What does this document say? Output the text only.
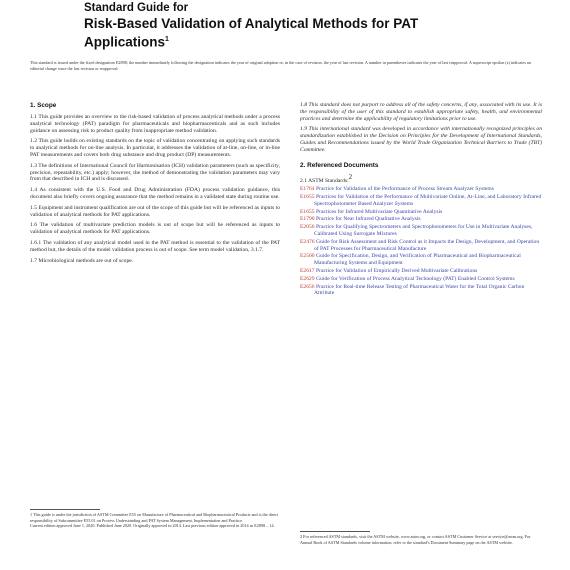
Standard Guide for
Risk-Based Validation of Analytical Methods for PAT
Applications$^1$
This standard is issued under the fixed designation E2898; the number immediately following the designation indicates the year of original adoption or, in the case of revision, the year of last revision. A number in parentheses indicates the year of last reapproval. A superscript epsilon (ε) indicates an editorial change since the last revision or reapproval.
1. Scope

1.1 This guide provides an overview to the risk-based validation of process analytical methods under a process analytical technology (PAT) paradigm for pharmaceuticals and biopharmaceuticals and as such includes guidance on assessing risk to product quality from inappropriate method validation.

1.2 This guide builds on existing standards on the topic of validation concentrating on applying such standards to analytical methods for on-line analysis. In particular, it addresses the validation of at-line, on-line, or in-line PAT measurements and covers both drug substance and drug product (DP) measurements.

1.3 The definitions of International Council for Harmonisation (ICH) validation parameters (such as specificity, precision, repeatability, etc.) apply; however, the method of demonstrating the validation parameters may vary from that described in ICH and is discussed.

1.4 As consistent with the U.S. Food and Drug Administration (FDA) process validation guidance, this document also briefly covers ongoing assurance that the method remains in a validated state during routine use.

1.5 Equipment and instrument qualification are out of the scope of this guide but will be referenced as inputs to validation of analytical methods for PAT applications.

1.6 The validation of multivariate prediction models is out of scope but will be referenced as inputs to validation of analytical methods for PAT applications.

1.6.1 The validation of any analytical model used in the PAT method is essential to the validation of the PAT method but, the details of the model validation process is out of scope. See term model validation, 3.1.7.

1.7 Microbiological methods are out of scope.

1.8 This standard does not purport to address all of the safety concerns, if any, associated with its use. It is the responsibility of the user of this standard to establish appropriate safety, health, and environmental practices and determine the applicability of regulatory limitations prior to use.

1.9 This international standard was developed in accordance with internationally recognized principles on standardization established in the Decision on Principles for the Development of International Standards, Guides and Recommendations issued by the World Trade Organization Technical Barriers to Trade (TBT) Committee.

2. Referenced Documents
2.1 ASTM Standards:$^2$
E1764 Practice for Validation of the Performance of Process Stream Analyzer Systems
E1655 Practices for Validation of the Performance of Multivariate Online, At-Line, and Laboratory Infrared Spectrophotometer Based Analyzer Systems
E1655 Practices for Infrared Multivariate Quantitative Analysis
E1790 Practice for Near Infrared Qualitative Analysis
E2056 Practice for Qualifying Spectrometers and Spectrophotometers for Use in Multivariate Analyses, Calibrated Using Surrogate Mixtures
E2476 Guide for Risk Assessment and Risk Control as it Impacts the Design, Development, and Operation of PAT Processes for Pharmaceutical Manufacture
E2500 Guide for Specification, Design, and Verification of Pharmaceutical and Biopharmaceutical Manufacturing Systems and Equipment
E2617 Practice for Validation of Empirically Derived Multivariate Calibrations
E2629 Guide for Verification of Process Analytical Technology (PAT) Enabled Control Systems
E2656 Practice for Real-time Release Testing of Pharmaceutical Water for the Total Organic Carbon Attribute
1 This guide is under the jurisdiction of ASTM Committee E55 on Manufacture of Pharmaceutical and Biopharmaceutical Products and is the direct responsibility of Subcommittee E55.01 on Process Understanding and PAT System Management, Implementation and Practice.
Current edition approved June 1, 2020. Published June 2020. Originally approved in 2014. Last previous edition approved in 2014 as E2898 – 14.
2 For referenced ASTM standards, visit the ASTM website, www.astm.org, or contact ASTM Customer Service at service@astm.org. For Annual Book of ASTM Standards volume information, refer to the standard's Document Summary page on the ASTM website.
